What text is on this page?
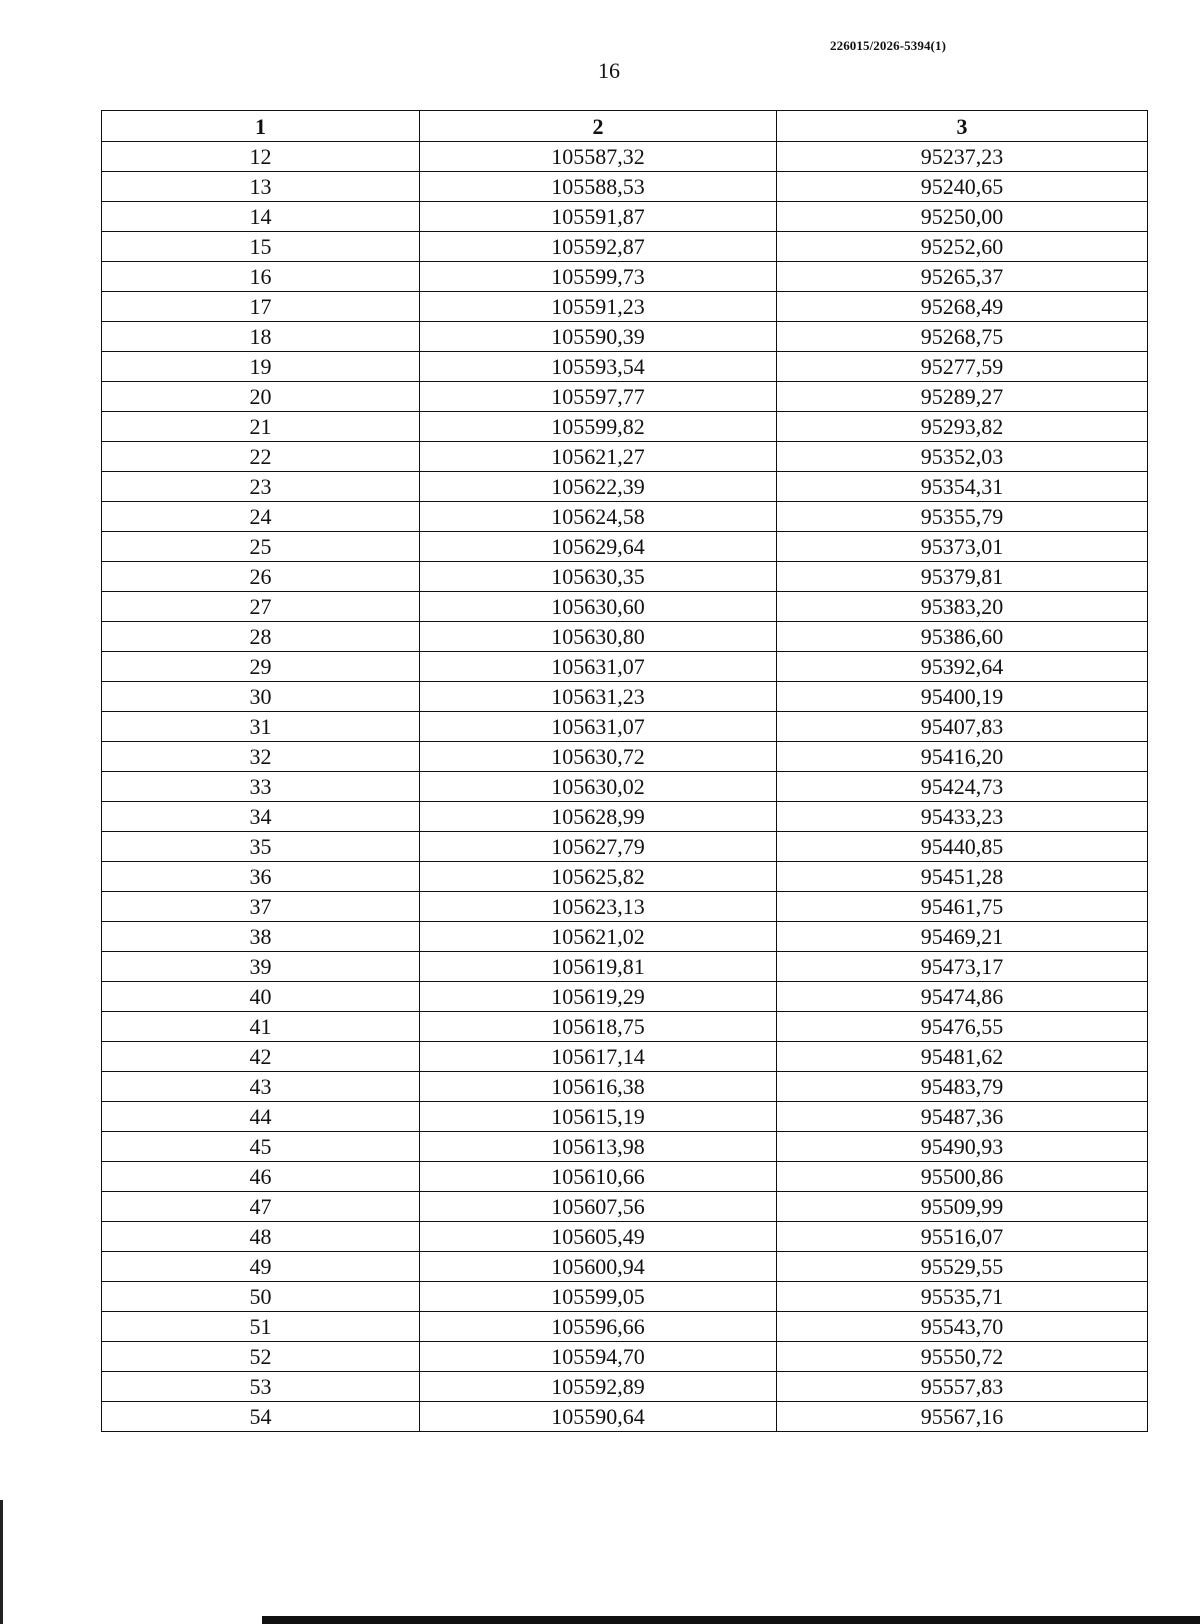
226015/2026-5394(1)
16
1	2	3
12	105587,32	95237,23
13	105588,53	95240,65
14	105591,87	95250,00
15	105592,87	95252,60
16	105599,73	95265,37
17	105591,23	95268,49
18	105590,39	95268,75
19	105593,54	95277,59
20	105597,77	95289,27
21	105599,82	95293,82
22	105621,27	95352,03
23	105622,39	95354,31
24	105624,58	95355,79
25	105629,64	95373,01
26	105630,35	95379,81
27	105630,60	95383,20
28	105630,80	95386,60
29	105631,07	95392,64
30	105631,23	95400,19
31	105631,07	95407,83
32	105630,72	95416,20
33	105630,02	95424,73
34	105628,99	95433,23
35	105627,79	95440,85
36	105625,82	95451,28
37	105623,13	95461,75
38	105621,02	95469,21
39	105619,81	95473,17
40	105619,29	95474,86
41	105618,75	95476,55
42	105617,14	95481,62
43	105616,38	95483,79
44	105615,19	95487,36
45	105613,98	95490,93
46	105610,66	95500,86
47	105607,56	95509,99
48	105605,49	95516,07
49	105600,94	95529,55
50	105599,05	95535,71
51	105596,66	95543,70
52	105594,70	95550,72
53	105592,89	95557,83
54	105590,64	95567,16
